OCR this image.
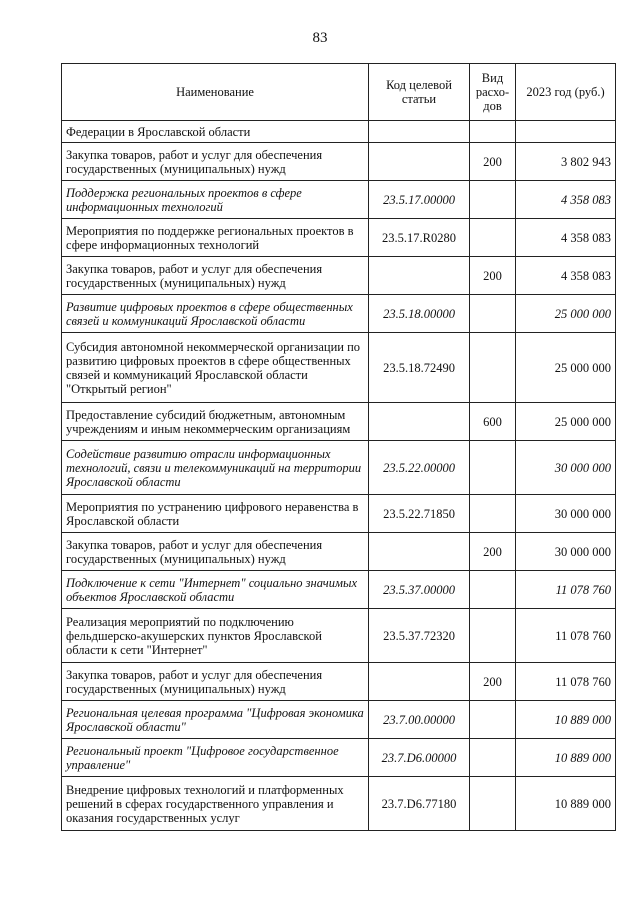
83
Наименование	Код целевой статьи	Вид расхо-дов	2023 год (руб.)
Федерации в Ярославской области			
Закупка товаров, работ и услуг для обеспечения государственных (муниципальных) нужд		200	3 802 943
Поддержка региональных проектов в сфере информационных технологий	23.5.17.00000		4 358 083
Мероприятия по поддержке региональных проектов в сфере информационных технологий	23.5.17.R0280		4 358 083
Закупка товаров, работ и услуг для обеспечения государственных (муниципальных) нужд		200	4 358 083
Развитие цифровых проектов в сфере общественных связей и коммуникаций Ярославской области	23.5.18.00000		25 000 000
Субсидия автономной некоммерческой организации по развитию цифровых проектов в сфере общественных связей и коммуникаций Ярославской области "Открытый регион"	23.5.18.72490		25 000 000
Предоставление субсидий бюджетным, автономным учреждениям и иным некоммерческим организациям		600	25 000 000
Содействие развитию отрасли информационных технологий, связи и телекоммуникаций на территории Ярославской области	23.5.22.00000		30 000 000
Мероприятия по устранению цифрового неравенства в Ярославской области	23.5.22.71850		30 000 000
Закупка товаров, работ и услуг для обеспечения государственных (муниципальных) нужд		200	30 000 000
Подключение к сети "Интернет" социально значимых объектов Ярославской области	23.5.37.00000		11 078 760
Реализация мероприятий по подключению фельдшерско-акушерских пунктов Ярославской области к сети "Интернет"	23.5.37.72320		11 078 760
Закупка товаров, работ и услуг для обеспечения государственных (муниципальных) нужд		200	11 078 760
Региональная целевая программа "Цифровая экономика Ярославской области"	23.7.00.00000		10 889 000
Региональный проект "Цифровое государственное управление"	23.7.D6.00000		10 889 000
Внедрение цифровых технологий и платформенных решений в сферах государственного управления и оказания государственных услуг	23.7.D6.77180		10 889 000
